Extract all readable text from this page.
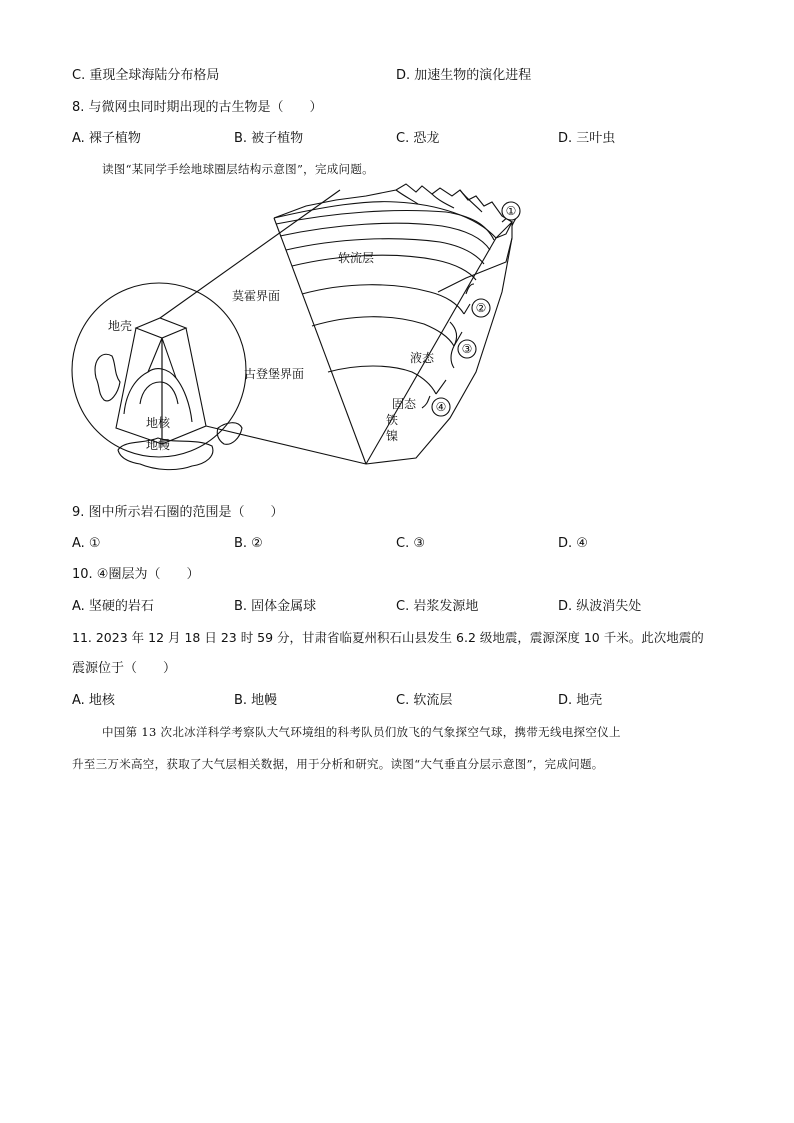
C. 重现全球海陆分布格局	D. 加速生物的演化进程
8. 与微网虫同时期出现的古生物是（　　）
A. 裸子植物	B. 被子植物	C. 恐龙	D. 三叶虫
读图“某同学手绘地球圈层结构示意图”，完成问题。
①
②
③
④
软流层
莫霍界面
古登堡界面
地壳
地核
地幔
液态
固态
铁
镍
9. 图中所示岩石圈的范围是（　　）
A. ①	B. ②	C. ③	D. ④
10. ④圈层为（　　）
A. 坚硬的岩石	B. 固体金属球	C. 岩浆发源地	D. 纵波消失处
11. 2023 年 12 月 18 日 23 时 59 分，甘肃省临夏州积石山县发生 6.2 级地震，震源深度 10 千米。此次地震的
震源位于（　　）
A. 地核	B. 地幔	C. 软流层	D. 地壳
中国第 13 次北冰洋科学考察队大气环境组的科考队员们放飞的气象探空气球，携带无线电探空仪上
升至三万米高空，获取了大气层相关数据，用于分析和研究。读图“大气垂直分层示意图”，完成问题。
